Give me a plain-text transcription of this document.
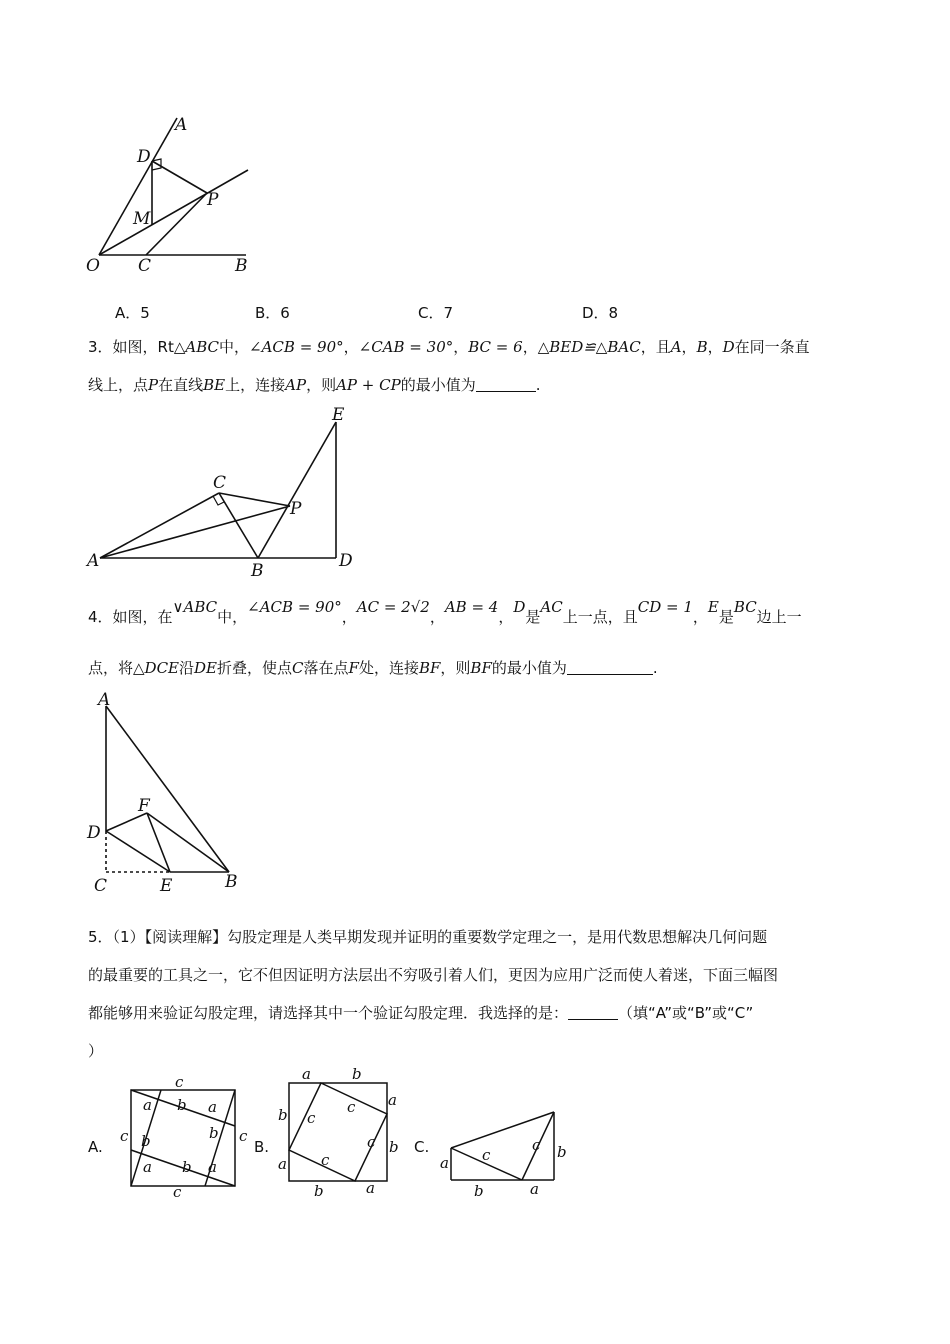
A
D
M
P
O C	B
A．5	B．6	C．7	D．8
3．如图，Rt△ABC中，∠ACB = 90°，∠CAB = 30°，BC = 6，△BED≌△BAC，且A，B，D在同一条直
线上，点P在直线BE上，连接AP，则AP + CP的最小值为	.
E
C
P
A	B	D
4．如图，在∨ABC中，∠ACB = 90°，AC = 2√2，AB = 4，D是AC上一点，且CD = 1，E是BC边上一
点，将△DCE沿DE折叠，使点C落在点F处，连接BF，则BF的最小值为	.
A
F
D
C	E	B
5．（1）【阅读理解】勾股定理是人类早期发现并证明的重要数学定理之一，是用代数思想解决几何问题
的最重要的工具之一，它不但因证明方法层出不穷吸引着人们，更因为应用广泛而使人着迷，下面三幅图
都能够用来验证勾股定理，请选择其中一个验证勾股定理．我选择的是：	（填“A”或“B”或“C”
）
A.
c
a b a
c b	b c
a b a
c
B.
a	b
b
a
c
c
c b
c
a
b	a
C.
a c
c b
b	a
